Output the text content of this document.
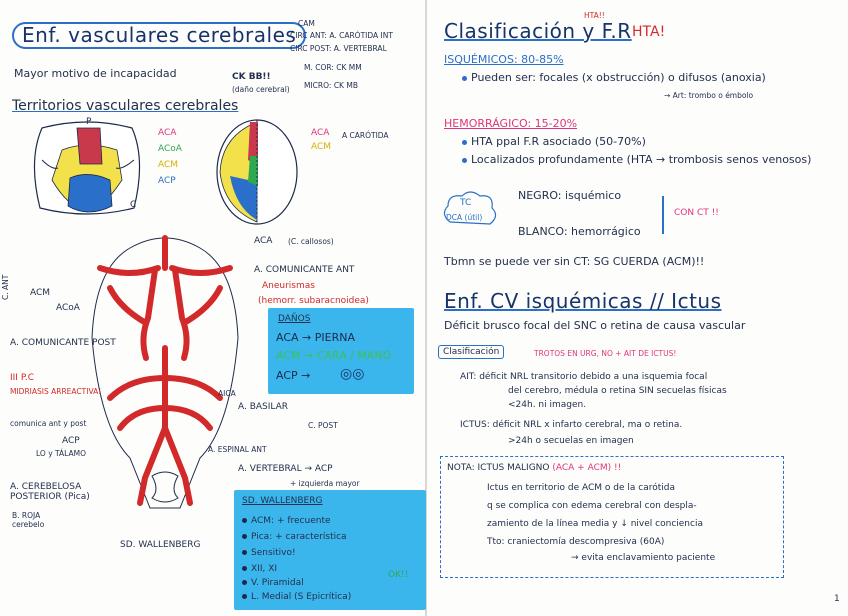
Enf. vasculares cerebrales
Mayor motivo de incapacidad
CAM
CIRC ANT: A. CARÓTIDA INT
CIRC POST: A. VERTEBRAL
M. COR: CK MM
MICRO: CK MB
CK BB!!
(daño cerebral)
Territorios vasculares cerebrales
P
C
ACA
ACoA
ACM
ACP
ACA
ACM
A CARÓTIDA
ACA (C. callosos)
A. COMUNICANTE ANT
Aneurismas
(hemorr. subaracnoidea)
C. ANT ACM
ACoA
A. COMUNICANTE POST
III P.C
MIDRIASIS ARREACTIVA!
comunica ant y post
ACP
LO y TÁLAMO
A. BASILAR
AICA
C. POST
A. ESPINAL ANT
A. VERTEBRAL → ACP
+ izquierda mayor
A. CEREBELOSA POSTERIOR (Pica)
B. ROJA cerebelo
SD. WALLENBERG
DAÑOS
ACA → PIERNA
ACM → CARA / MANO
ACP → ◎◎
SD. WALLENBERG
ACM: + frecuente
Pica: + característica
Sensitivo!
XII, XI
V. Piramidal
L. Medial (S Epicrítica)
OK!!
Clasificación y F.R
HTA!!
HTA!
ISQUÉMICOS: 80-85%
Pueden ser: focales (x obstrucción) o difusos (anoxia)
→ Art: trombo o émbolo
HEMORRÁGICO: 15-20%
HTA ppal F.R asociado (50-70%)
Localizados profundamente (HTA → trombosis senos venosos)
TC
DCA (útil)
NEGRO: isquémico
BLANCO: hemorrágico
CON CT !!
Tbmn se puede ver sin CT: SG CUERDA (ACM)!!
Enf. CV isquémicas // Ictus
Déficit brusco focal del SNC o retina de causa vascular
Clasificación	TROTOS EN URG, NO + AIT DE ICTUS!
AIT: déficit NRL transitorio debido a una isquemia focal
del cerebro, médula o retina SIN secuelas físicas
<24h. ni imagen.
ICTUS: déficit NRL x infarto cerebral, ma o retina.
>24h o secuelas en imagen
NOTA: ICTUS MALIGNO (ACA + ACM) !!
Ictus en territorio de ACM o de la carótida
q se complica con edema cerebral con despla-
zamiento de la línea media y ↓ nivel conciencia
Tto: craniectomía descompresiva (60A)
→ evita enclavamiento paciente
1
